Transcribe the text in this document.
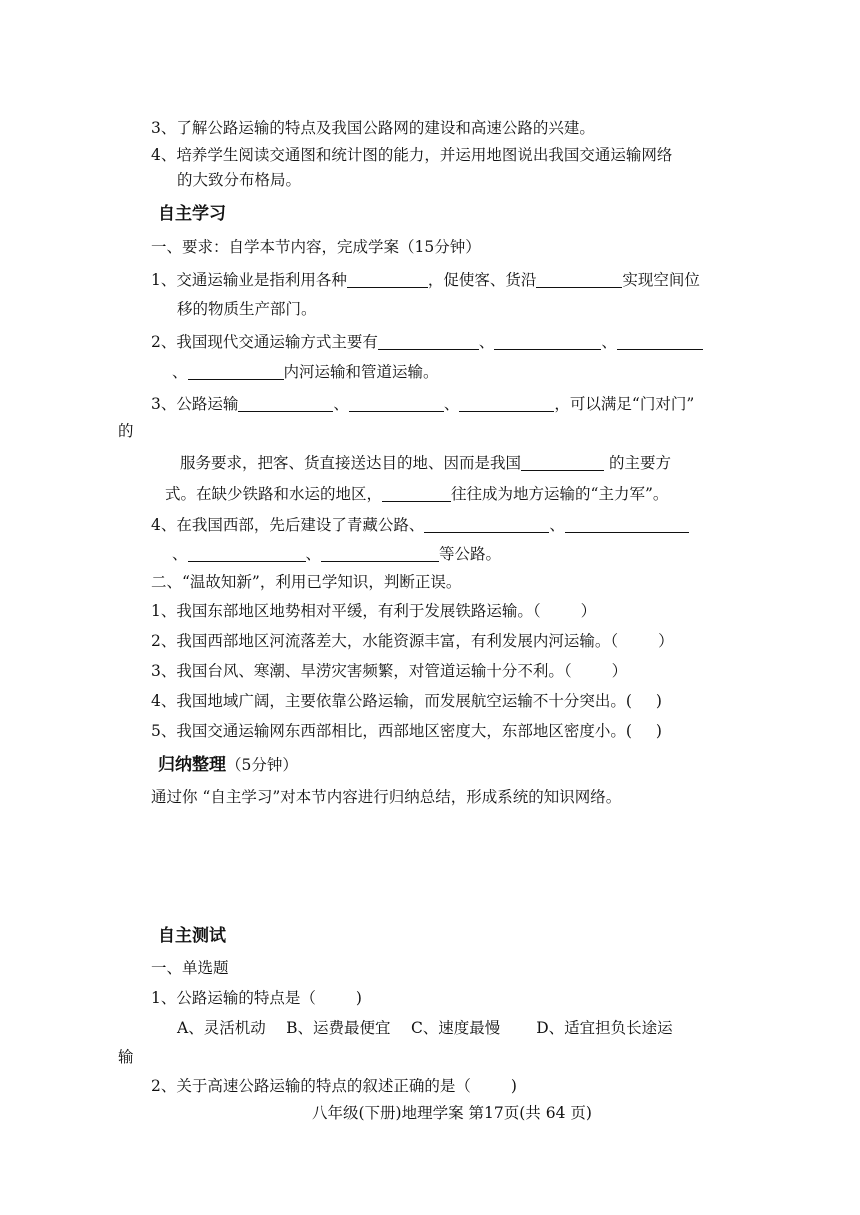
3、了解公路运输的特点及我国公路网的建设和高速公路的兴建。
4、培养学生阅读交通图和统计图的能力，并运用地图说出我国交通运输网络
的大致分布格局。
自主学习
一、要求：自学本节内容，完成学案（15分钟）
1、交通运输业是指利用各种	，促使客、货沿	实现空间位
移的物质生产部门。
2、我国现代交通运输方式主要有	、	、
、	内河运输和管道运输。
3、公路运输	、	、	，可以满足“门对门”
的
服务要求，把客、货直接送达目的地、因而是我国	的主要方
式。在缺少铁路和水运的地区，	往往成为地方运输的“主力军”。
4、在我国西部，先后建设了青藏公路、	、
、	、	等公路。
二、“温故知新”，利用已学知识，判断正误。
1、我国东部地区地势相对平缓，有利于发展铁路运输。（	）
2、我国西部地区河流落差大，水能资源丰富，有利发展内河运输。（	）
3、我国台风、寒潮、旱涝灾害频繁，对管道运输十分不利。（	）
4、我国地域广阔，主要依靠公路运输，而发展航空运输不十分突出。( )
5、我国交通运输网东西部相比，西部地区密度大，东部地区密度小。( )
归纳整理（5分钟）
通过你 “自主学习”对本节内容进行归纳总结，形成系统的知识网络。
自主测试
一、单选题
1、公路运输的特点是（	)
A、灵活机动　 B、运费最便宜　 C、速度最慢　　 D、适宜担负长途运
输
2、关于高速公路运输的特点的叙述正确的是（	)
八年级(下册)地理学案 第17页(共 64 页)
